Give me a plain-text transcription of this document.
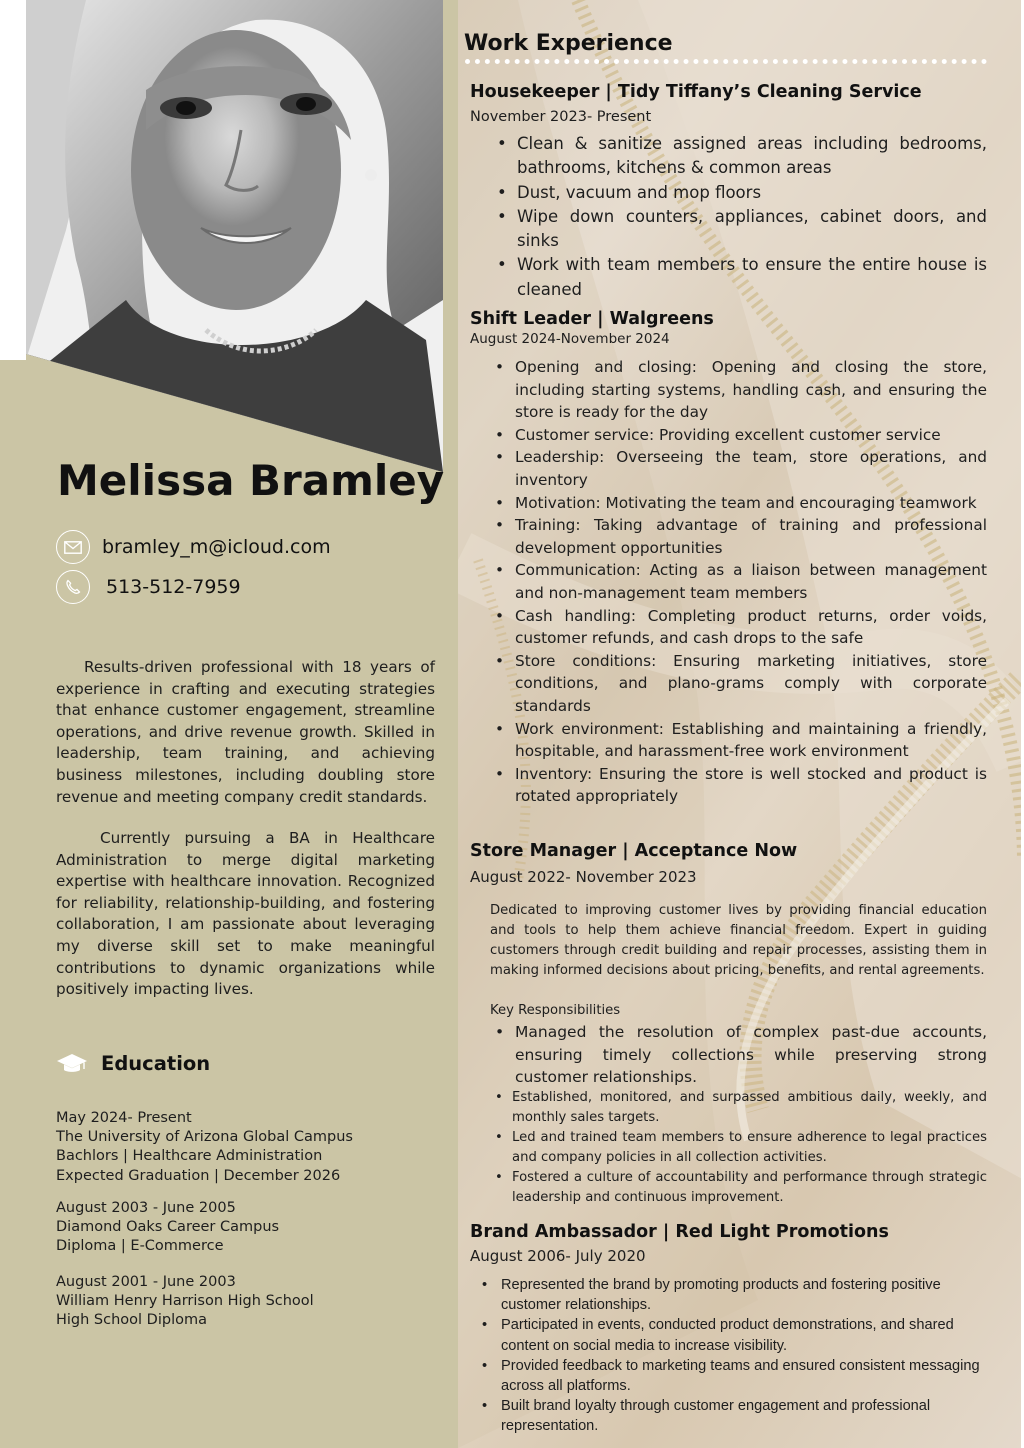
Melissa Bramley
bramley_m@icloud.com
513-512-7959

Results-driven professional with 18 years of experience in crafting and executing strategies that enhance customer engagement, streamline operations, and drive revenue growth. Skilled in leadership, team training, and achieving business milestones, including doubling store revenue and meeting company credit standards.

Currently pursuing a BA in Healthcare Administration to merge digital marketing expertise with healthcare innovation. Recognized for reliability, relationship-building, and fostering collaboration, I am passionate about leveraging my diverse skill set to make meaningful contributions to dynamic organizations while positively impacting lives.

Education
May 2024- Present
The University of Arizona Global Campus
Bachlors | Healthcare Administration
Expected Graduation | December 2026
August 2003 - June 2005
Diamond Oaks Career Campus
Diploma | E-Commerce
August 2001 - June 2003
William Henry Harrison High School
High School Diploma
Work Experience
Housekeeper | Tidy Tiffany’s Cleaning Service
November 2023- Present
• Clean & sanitize assigned areas including bedrooms, bathrooms, kitchens & common areas
• Dust, vacuum and mop floors
• Wipe down counters, appliances, cabinet doors, and sinks
• Work with team members to ensure the entire house is cleaned
Shift Leader | Walgreens
August 2024-November 2024
• Opening and closing: Opening and closing the store, including starting systems, handling cash, and ensuring the store is ready for the day
• Customer service: Providing excellent customer service
• Leadership: Overseeing the team, store operations, and inventory
• Motivation: Motivating the team and encouraging teamwork
• Training: Taking advantage of training and professional development opportunities
• Communication: Acting as a liaison between management and non-management team members
• Cash handling: Completing product returns, order voids, customer refunds, and cash drops to the safe
• Store conditions: Ensuring marketing initiatives, store conditions, and plano-grams comply with corporate standards
• Work environment: Establishing and maintaining a friendly, hospitable, and harassment-free work environment
• Inventory: Ensuring the store is well stocked and product is rotated appropriately
Store Manager | Acceptance Now
August 2022- November 2023

Dedicated to improving customer lives by providing financial education and tools to help them achieve financial freedom. Expert in guiding customers through credit building and repair processes, assisting them in making informed decisions about pricing, benefits, and rental agreements.

Key Responsibilities
• Managed the resolution of complex past-due accounts, ensuring timely collections while preserving strong customer relationships.
• Established, monitored, and surpassed ambitious daily, weekly, and monthly sales targets.
• Led and trained team members to ensure adherence to legal practices and company policies in all collection activities.
• Fostered a culture of accountability and performance through strategic leadership and continuous improvement.
Brand Ambassador | Red Light Promotions
August 2006- July 2020
• Represented the brand by promoting products and fostering positive customer relationships.
• Participated in events, conducted product demonstrations, and shared content on social media to increase visibility.
• Provided feedback to marketing teams and ensured consistent messaging across all platforms.
• Built brand loyalty through customer engagement and professional representation.
